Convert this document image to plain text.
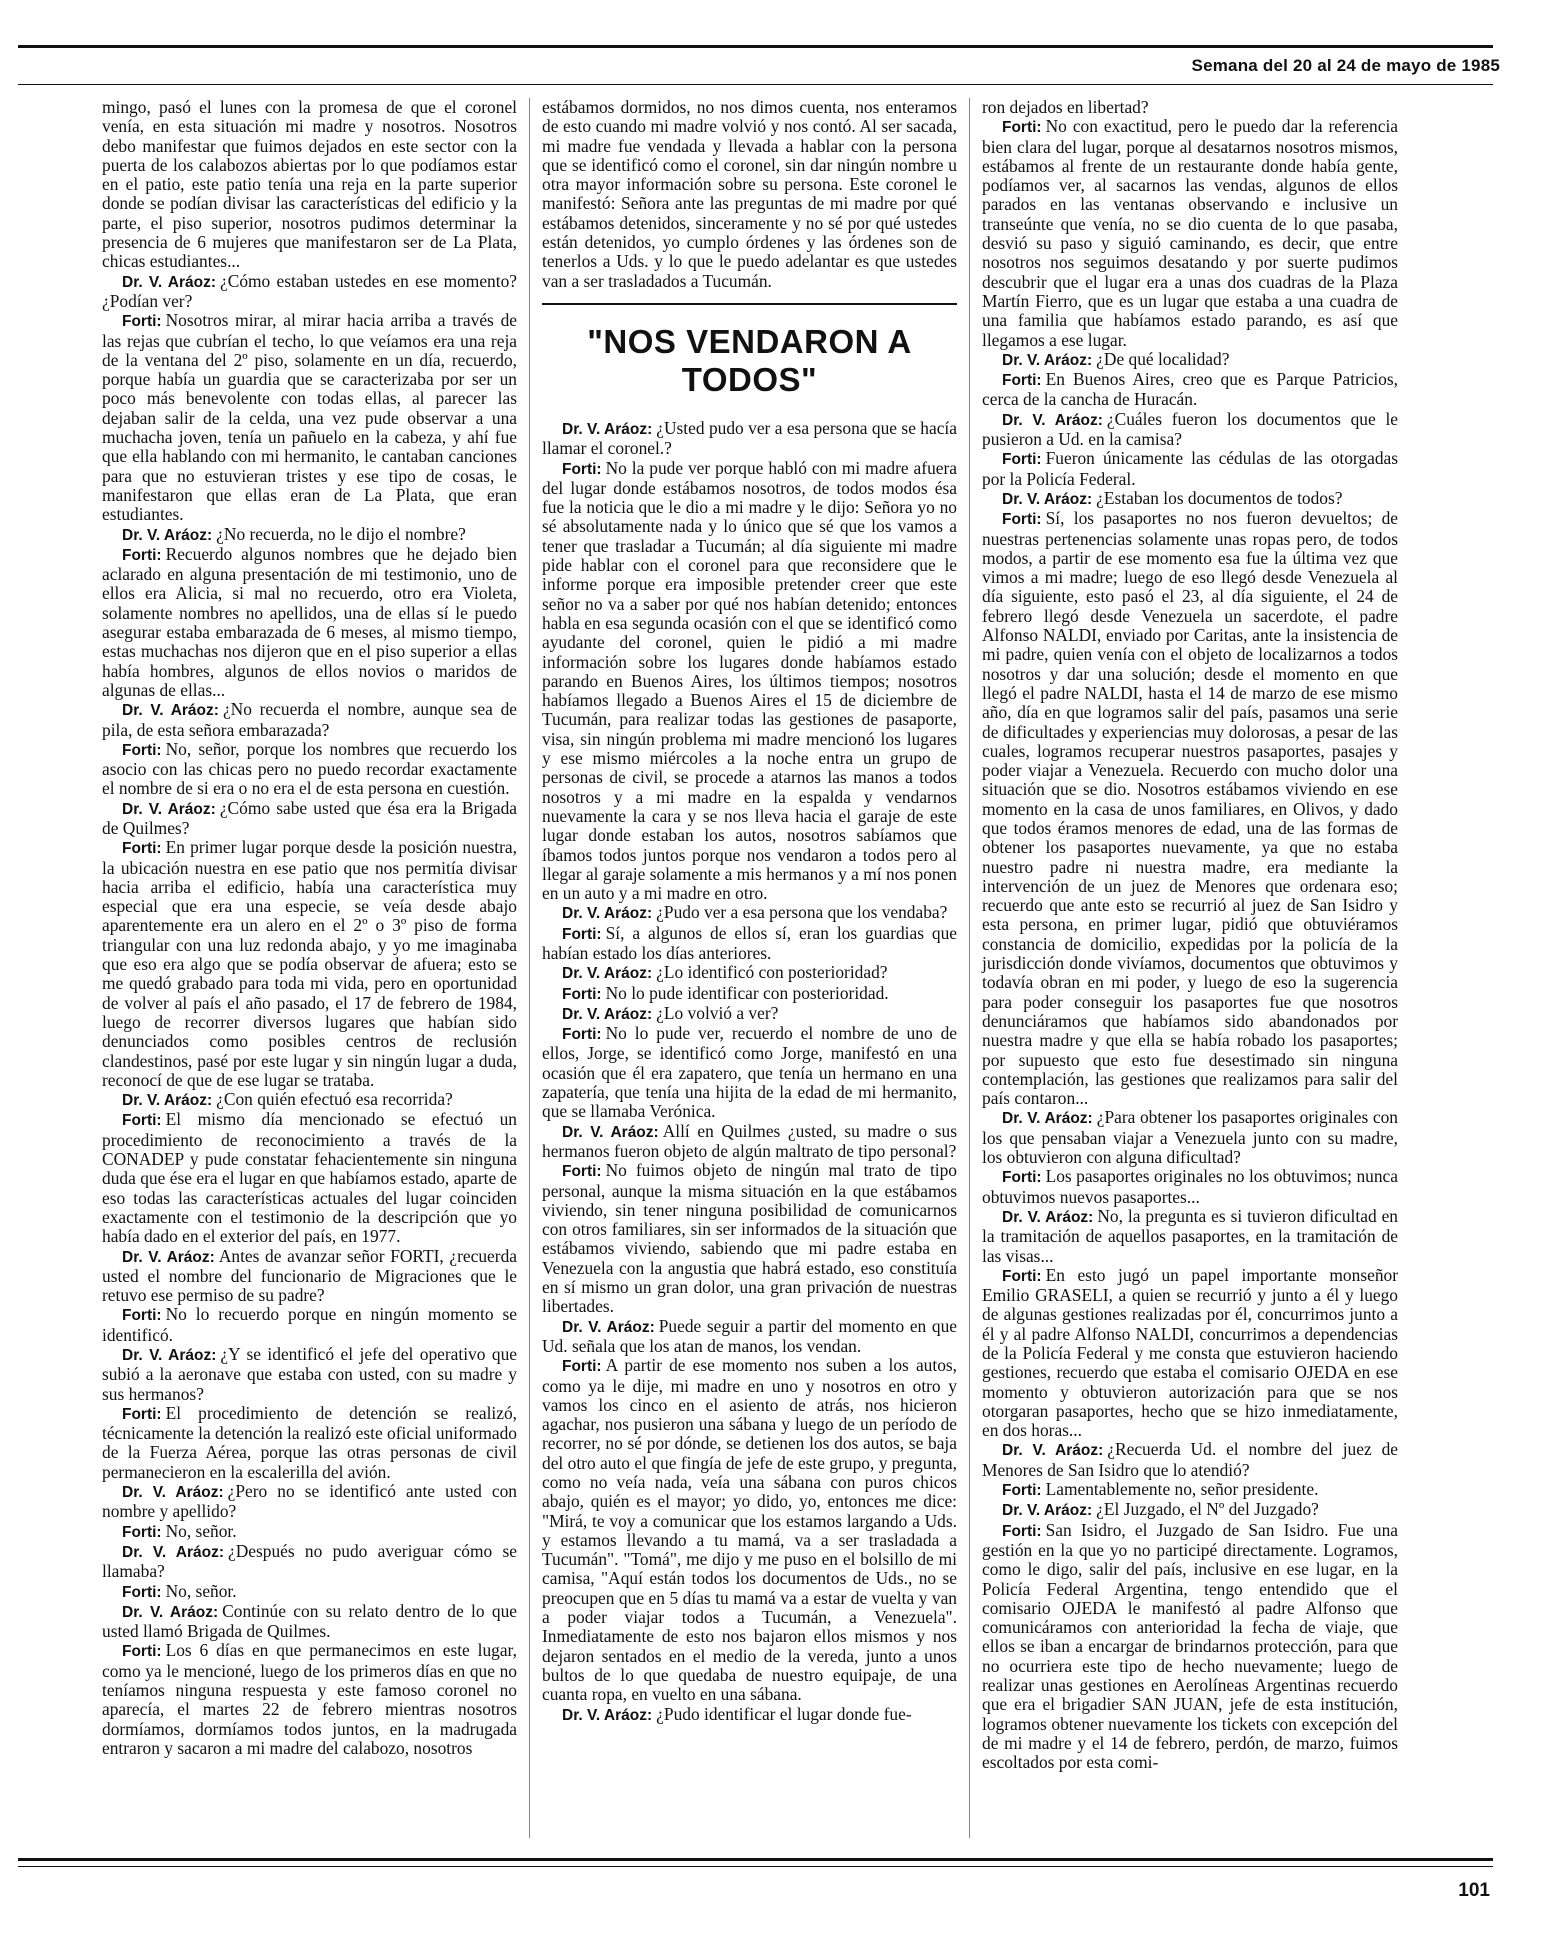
Semana del 20 al 24 de mayo de 1985

mingo, pasó el lunes con la promesa de que el coronel venía, en esta situación mi madre y nosotros. Nosotros debo manifestar que fuimos dejados en este sector con la puerta de los calabozos abiertas por lo que podíamos estar en el patio, este patio tenía una reja en la parte superior donde se podían divisar las características del edificio y la parte, el piso superior, nosotros pudimos determinar la presencia de 6 mujeres que manifestaron ser de La Plata, chicas estudiantes...

Dr. V. Aráoz: ¿Cómo estaban ustedes en ese momento? ¿Podían ver?

Forti: Nosotros mirar, al mirar hacia arriba a través de las rejas que cubrían el techo, lo que veíamos era una reja de la ventana del 2º piso, solamente en un día, recuerdo, porque había un guardia que se caracterizaba por ser un poco más benevolente con todas ellas, al parecer las dejaban salir de la celda, una vez pude observar a una muchacha joven, tenía un pañuelo en la cabeza, y ahí fue que ella hablando con mi hermanito, le cantaban canciones para que no estuvieran tristes y ese tipo de cosas, le manifestaron que ellas eran de La Plata, que eran estudiantes.

Dr. V. Aráoz: ¿No recuerda, no le dijo el nombre?

Forti: Recuerdo algunos nombres que he dejado bien aclarado en alguna presentación de mi testimonio, uno de ellos era Alicia, si mal no recuerdo, otro era Violeta, solamente nombres no apellidos, una de ellas sí le puedo asegurar estaba embarazada de 6 meses, al mismo tiempo, estas muchachas nos dijeron que en el piso superior a ellas había hombres, algunos de ellos novios o maridos de algunas de ellas...

Dr. V. Aráoz: ¿No recuerda el nombre, aunque sea de pila, de esta señora embarazada?

Forti: No, señor, porque los nombres que recuerdo los asocio con las chicas pero no puedo recordar exactamente el nombre de si era o no era el de esta persona en cuestión.

Dr. V. Aráoz: ¿Cómo sabe usted que ésa era la Brigada de Quilmes?

Forti: En primer lugar porque desde la posición nuestra, la ubicación nuestra en ese patio que nos permitía divisar hacia arriba el edificio, había una característica muy especial que era una especie, se veía desde abajo aparentemente era un alero en el 2º o 3º piso de forma triangular con una luz redonda abajo, y yo me imaginaba que eso era algo que se podía observar de afuera; esto se me quedó grabado para toda mi vida, pero en oportunidad de volver al país el año pasado, el 17 de febrero de 1984, luego de recorrer diversos lugares que habían sido denunciados como posibles centros de reclusión clandestinos, pasé por este lugar y sin ningún lugar a duda, reconocí de que de ese lugar se trataba.

Dr. V. Aráoz: ¿Con quién efectuó esa recorrida?

Forti: El mismo día mencionado se efectuó un procedimiento de reconocimiento a través de la CONADEP y pude constatar fehacientemente sin ninguna duda que ése era el lugar en que habíamos estado, aparte de eso todas las características actuales del lugar coinciden exactamente con el testimonio de la descripción que yo había dado en el exterior del país, en 1977.

Dr. V. Aráoz: Antes de avanzar señor FORTI, ¿recuerda usted el nombre del funcionario de Migraciones que le retuvo ese permiso de su padre?

Forti: No lo recuerdo porque en ningún momento se identificó.

Dr. V. Aráoz: ¿Y se identificó el jefe del operativo que subió a la aeronave que estaba con usted, con su madre y sus hermanos?

Forti: El procedimiento de detención se realizó, técnicamente la detención la realizó este oficial uniformado de la Fuerza Aérea, porque las otras personas de civil permanecieron en la escalerilla del avión.

Dr. V. Aráoz: ¿Pero no se identificó ante usted con nombre y apellido?

Forti: No, señor.

Dr. V. Aráoz: ¿Después no pudo averiguar cómo se llamaba?

Forti: No, señor.

Dr. V. Aráoz: Continúe con su relato dentro de lo que usted llamó Brigada de Quilmes.

Forti: Los 6 días en que permanecimos en este lugar, como ya le mencioné, luego de los primeros días en que no teníamos ninguna respuesta y este famoso coronel no aparecía, el martes 22 de febrero mientras nosotros dormíamos, dormíamos todos juntos, en la madrugada entraron y sacaron a mi madre del calabozo, nosotros

estábamos dormidos, no nos dimos cuenta, nos enteramos de esto cuando mi madre volvió y nos contó. Al ser sacada, mi madre fue vendada y llevada a hablar con la persona que se identificó como el coronel, sin dar ningún nombre u otra mayor información sobre su persona. Este coronel le manifestó: Señora ante las preguntas de mi madre por qué estábamos detenidos, sinceramente y no sé por qué ustedes están detenidos, yo cumplo órdenes y las órdenes son de tenerlos a Uds. y lo que le puedo adelantar es que ustedes van a ser trasladados a Tucumán.

"NOS VENDARON A TODOS"

Dr. V. Aráoz: ¿Usted pudo ver a esa persona que se hacía llamar el coronel.?

Forti: No la pude ver porque habló con mi madre afuera del lugar donde estábamos nosotros, de todos modos ésa fue la noticia que le dio a mi madre y le dijo: Señora yo no sé absolutamente nada y lo único que sé que los vamos a tener que trasladar a Tucumán; al día siguiente mi madre pide hablar con el coronel para que reconsidere que le informe porque era imposible pretender creer que este señor no va a saber por qué nos habían detenido; entonces habla en esa segunda ocasión con el que se identificó como ayudante del coronel, quien le pidió a mi madre información sobre los lugares donde habíamos estado parando en Buenos Aires, los últimos tiempos; nosotros habíamos llegado a Buenos Aires el 15 de diciembre de Tucumán, para realizar todas las gestiones de pasaporte, visa, sin ningún problema mi madre mencionó los lugares y ese mismo miércoles a la noche entra un grupo de personas de civil, se procede a atarnos las manos a todos nosotros y a mi madre en la espalda y vendarnos nuevamente la cara y se nos lleva hacia el garaje de este lugar donde estaban los autos, nosotros sabíamos que íbamos todos juntos porque nos vendaron a todos pero al llegar al garaje solamente a mis hermanos y a mí nos ponen en un auto y a mi madre en otro.

Dr. V. Aráoz: ¿Pudo ver a esa persona que los vendaba?

Forti: Sí, a algunos de ellos sí, eran los guardias que habían estado los días anteriores.

Dr. V. Aráoz: ¿Lo identificó con posterioridad?

Forti: No lo pude identificar con posterioridad.

Dr. V. Aráoz: ¿Lo volvió a ver?

Forti: No lo pude ver, recuerdo el nombre de uno de ellos, Jorge, se identificó como Jorge, manifestó en una ocasión que él era zapatero, que tenía un hermano en una zapatería, que tenía una hijita de la edad de mi hermanito, que se llamaba Verónica.

Dr. V. Aráoz: Allí en Quilmes ¿usted, su madre o sus hermanos fueron objeto de algún maltrato de tipo personal?

Forti: No fuimos objeto de ningún mal trato de tipo personal, aunque la misma situación en la que estábamos viviendo, sin tener ninguna posibilidad de comunicarnos con otros familiares, sin ser informados de la situación que estábamos viviendo, sabiendo que mi padre estaba en Venezuela con la angustia que habrá estado, eso constituía en sí mismo un gran dolor, una gran privación de nuestras libertades.

Dr. V. Aráoz: Puede seguir a partir del momento en que Ud. señala que los atan de manos, los vendan.

Forti: A partir de ese momento nos suben a los autos, como ya le dije, mi madre en uno y nosotros en otro y vamos los cinco en el asiento de atrás, nos hicieron agachar, nos pusieron una sábana y luego de un período de recorrer, no sé por dónde, se detienen los dos autos, se baja del otro auto el que fingía de jefe de este grupo, y pregunta, como no veía nada, veía una sábana con puros chicos abajo, quién es el mayor; yo dido, yo, entonces me dice: "Mirá, te voy a comunicar que los estamos largando a Uds. y estamos llevando a tu mamá, va a ser trasladada a Tucumán". "Tomá", me dijo y me puso en el bolsillo de mi camisa, "Aquí están todos los documentos de Uds., no se preocupen que en 5 días tu mamá va a estar de vuelta y van a poder viajar todos a Tucumán, a Venezuela". Inmediatamente de esto nos bajaron ellos mismos y nos dejaron sentados en el medio de la vereda, junto a unos bultos de lo que quedaba de nuestro equipaje, de una cuanta ropa, en vuelto en una sábana.

Dr. V. Aráoz: ¿Pudo identificar el lugar donde fue-

ron dejados en libertad?

Forti: No con exactitud, pero le puedo dar la referencia bien clara del lugar, porque al desatarnos nosotros mismos, estábamos al frente de un restaurante donde había gente, podíamos ver, al sacarnos las vendas, algunos de ellos parados en las ventanas observando e inclusive un transeúnte que venía, no se dio cuenta de lo que pasaba, desvió su paso y siguió caminando, es decir, que entre nosotros nos seguimos desatando y por suerte pudimos descubrir que el lugar era a unas dos cuadras de la Plaza Martín Fierro, que es un lugar que estaba a una cuadra de una familia que habíamos estado parando, es así que llegamos a ese lugar.

Dr. V. Aráoz: ¿De qué localidad?

Forti: En Buenos Aires, creo que es Parque Patricios, cerca de la cancha de Huracán.

Dr. V. Aráoz: ¿Cuáles fueron los documentos que le pusieron a Ud. en la camisa?

Forti: Fueron únicamente las cédulas de las otorgadas por la Policía Federal.

Dr. V. Aráoz: ¿Estaban los documentos de todos?

Forti: Sí, los pasaportes no nos fueron devueltos; de nuestras pertenencias solamente unas ropas pero, de todos modos, a partir de ese momento esa fue la última vez que vimos a mi madre; luego de eso llegó desde Venezuela al día siguiente, esto pasó el 23, al día siguiente, el 24 de febrero llegó desde Venezuela un sacerdote, el padre Alfonso NALDI, enviado por Caritas, ante la insistencia de mi padre, quien venía con el objeto de localizarnos a todos nosotros y dar una solución; desde el momento en que llegó el padre NALDI, hasta el 14 de marzo de ese mismo año, día en que logramos salir del país, pasamos una serie de dificultades y experiencias muy dolorosas, a pesar de las cuales, logramos recuperar nuestros pasaportes, pasajes y poder viajar a Venezuela. Recuerdo con mucho dolor una situación que se dio. Nosotros estábamos viviendo en ese momento en la casa de unos familiares, en Olivos, y dado que todos éramos menores de edad, una de las formas de obtener los pasaportes nuevamente, ya que no estaba nuestro padre ni nuestra madre, era mediante la intervención de un juez de Menores que ordenara eso; recuerdo que ante esto se recurrió al juez de San Isidro y esta persona, en primer lugar, pidió que obtuviéramos constancia de domicilio, expedidas por la policía de la jurisdicción donde vivíamos, documentos que obtuvimos y todavía obran en mi poder, y luego de eso la sugerencia para poder conseguir los pasaportes fue que nosotros denunciáramos que habíamos sido abandonados por nuestra madre y que ella se había robado los pasaportes; por supuesto que esto fue desestimado sin ninguna contemplación, las gestiones que realizamos para salir del país contaron...

Dr. V. Aráoz: ¿Para obtener los pasaportes originales con los que pensaban viajar a Venezuela junto con su madre, los obtuvieron con alguna dificultad?

Forti: Los pasaportes originales no los obtuvimos; nunca obtuvimos nuevos pasaportes...

Dr. V. Aráoz: No, la pregunta es si tuvieron dificultad en la tramitación de aquellos pasaportes, en la tramitación de las visas...

Forti: En esto jugó un papel importante monseñor Emilio GRASELI, a quien se recurrió y junto a él y luego de algunas gestiones realizadas por él, concurrimos junto a él y al padre Alfonso NALDI, concurrimos a dependencias de la Policía Federal y me consta que estuvieron haciendo gestiones, recuerdo que estaba el comisario OJEDA en ese momento y obtuvieron autorización para que se nos otorgaran pasaportes, hecho que se hizo inmediatamente, en dos horas...

Dr. V. Aráoz: ¿Recuerda Ud. el nombre del juez de Menores de San Isidro que lo atendió?

Forti: Lamentablemente no, señor presidente.

Dr. V. Aráoz: ¿El Juzgado, el Nº del Juzgado?

Forti: San Isidro, el Juzgado de San Isidro. Fue una gestión en la que yo no participé directamente. Logramos, como le digo, salir del país, inclusive en ese lugar, en la Policía Federal Argentina, tengo entendido que el comisario OJEDA le manifestó al padre Alfonso que comunicáramos con anterioridad la fecha de viaje, que ellos se iban a encargar de brindarnos protección, para que no ocurriera este tipo de hecho nuevamente; luego de realizar unas gestiones en Aerolíneas Argentinas recuerdo que era el brigadier SAN JUAN, jefe de esta institución, logramos obtener nuevamente los tickets con excepción del de mi madre y el 14 de febrero, perdón, de marzo, fuimos escoltados por esta comi-

101
